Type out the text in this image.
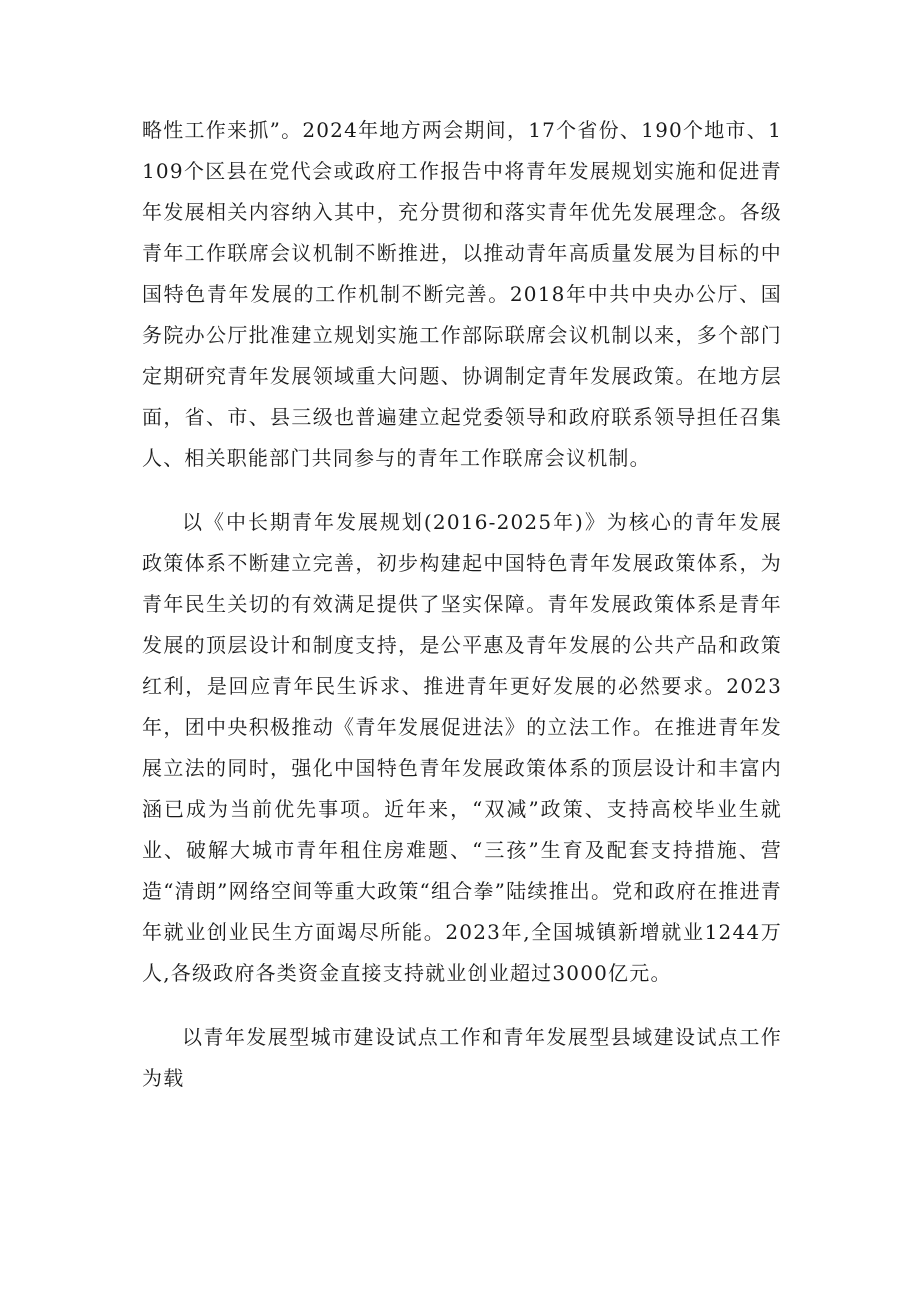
略性工作来抓”。2024年地方两会期间，17个省份、190个地市、1109个区县在党代会或政府工作报告中将青年发展规划实施和促进青年发展相关内容纳入其中，充分贯彻和落实青年优先发展理念。各级青年工作联席会议机制不断推进，以推动青年高质量发展为目标的中国特色青年发展的工作机制不断完善。2018年中共中央办公厅、国务院办公厅批准建立规划实施工作部际联席会议机制以来，多个部门定期研究青年发展领域重大问题、协调制定青年发展政策。在地方层面，省、市、县三级也普遍建立起党委领导和政府联系领导担任召集人、相关职能部门共同参与的青年工作联席会议机制。

以《中长期青年发展规划(2016-2025年)》为核心的青年发展政策体系不断建立完善，初步构建起中国特色青年发展政策体系，为青年民生关切的有效满足提供了坚实保障。青年发展政策体系是青年发展的顶层设计和制度支持，是公平惠及青年发展的公共产品和政策红利，是回应青年民生诉求、推进青年更好发展的必然要求。2023年，团中央积极推动《青年发展促进法》的立法工作。在推进青年发展立法的同时，强化中国特色青年发展政策体系的顶层设计和丰富内涵已成为当前优先事项。近年来，“双减”政策、支持高校毕业生就业、破解大城市青年租住房难题、“三孩”生育及配套支持措施、营造“清朗”网络空间等重大政策“组合拳”陆续推出。党和政府在推进青年就业创业民生方面竭尽所能。2023年,全国城镇新增就业1244万人,各级政府各类资金直接支持就业创业超过3000亿元。

以青年发展型城市建设试点工作和青年发展型县域建设试点工作为载
